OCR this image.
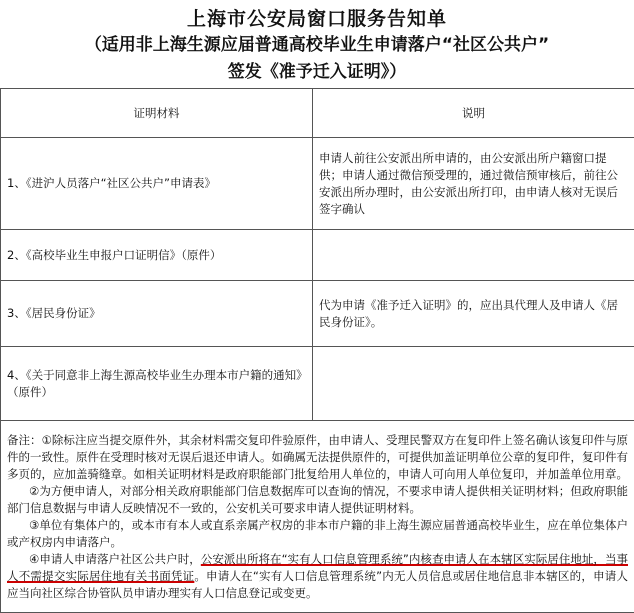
上海市公安局窗口服务告知单
（适用非上海生源应届普通高校毕业生申请落户“社区公共户”
签发《准予迁入证明》）
证明材料	说明
1、《进沪人员落户“社区公共户”申请表》	申请人前往公安派出所申请的，由公安派出所户籍窗口提供；申请人通过微信预受理的，通过微信预审核后，前往公安派出所办理时，由公安派出所打印，由申请人核对无误后签字确认
2、《高校毕业生申报户口证明信》（原件）	
3、《居民身份证》	代为申请《准予迁入证明》的，应出具代理人及申请人《居民身份证》。
4、《关于同意非上海生源高校毕业生办理本市户籍的通知》（原件）	

备注：①除标注应当提交原件外，其余材料需交复印件验原件，由申请人、受理民警双方在复印件上签名确认该复印件与原件的一致性。原件在受理时核对无误后退还申请人。如确属无法提供原件的，可提供加盖证明单位公章的复印件，复印件有多页的，应加盖骑缝章。如相关证明材料是政府职能部门批复给用人单位的，申请人可向用人单位复印，并加盖单位用章。

②为方便申请人，对部分相关政府职能部门信息数据库可以查询的情况，不要求申请人提供相关证明材料；但政府职能部门信息数据与申请人反映情况不一致的，公安机关可要求申请人提供证明材料。

③单位有集体户的，或本市有本人或直系亲属产权房的非本市户籍的非上海生源应届普通高校毕业生，应在单位集体户或产权房内申请落户。

④申请人申请落户社区公共户时，公安派出所将在“实有人口信息管理系统”内核查申请人在本辖区实际居住地址，当事人不需提交实际居住地有关书面凭证。申请人在“实有人口信息管理系统”内无人员信息或居住地信息非本辖区的，申请人应当向社区综合协管队员申请办理实有人口信息登记或变更。	
